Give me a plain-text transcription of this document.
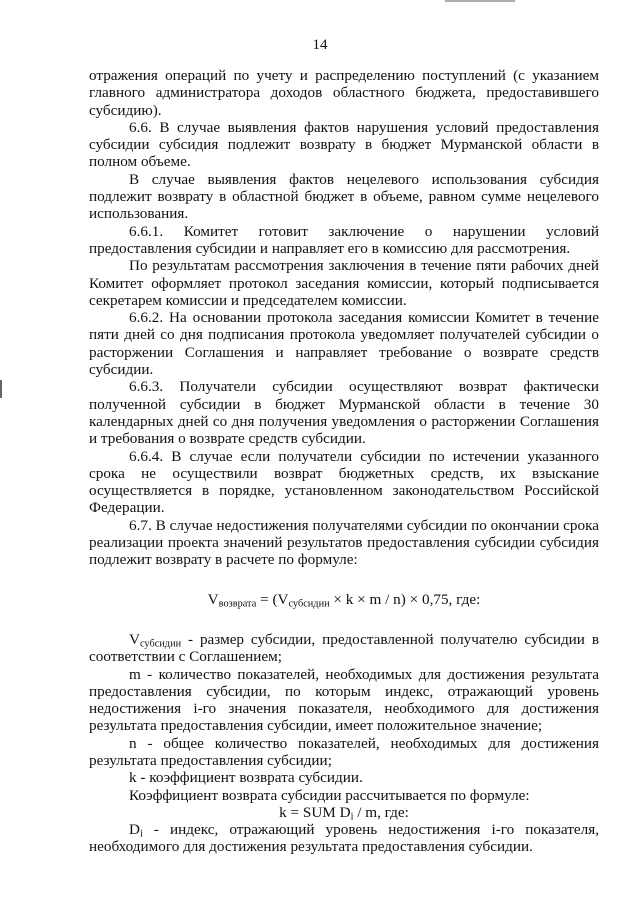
14

отражения операций по учету и распределению поступлений (с указанием главного администратора доходов областного бюджета, предоставившего субсидию).

6.6. В случае выявления фактов нарушения условий предоставления субсидии субсидия подлежит возврату в бюджет Мурманской области в полном объеме.

В случае выявления фактов нецелевого использования субсидия подлежит возврату в областной бюджет в объеме, равном сумме нецелевого использования.

6.6.1. Комитет готовит заключение о нарушении условий предоставления субсидии и направляет его в комиссию для рассмотрения.

По результатам рассмотрения заключения в течение пяти рабочих дней Комитет оформляет протокол заседания комиссии, который подписывается секретарем комиссии и председателем комиссии.

6.6.2. На основании протокола заседания комиссии Комитет в течение пяти дней со дня подписания протокола уведомляет получателей субсидии о расторжении Соглашения и направляет требование о возврате средств субсидии.

6.6.3. Получатели субсидии осуществляют возврат фактически полученной субсидии в бюджет Мурманской области в течение 30 календарных дней со дня получения уведомления о расторжении Соглашения и требования о возврате средств субсидии.

6.6.4. В случае если получатели субсидии по истечении указанного срока не осуществили возврат бюджетных средств, их взыскание осуществляется в порядке, установленном законодательством Российской Федерации.

6.7. В случае недостижения получателями субсидии по окончании срока реализации проекта значений результатов предоставления субсидии субсидия подлежит возврату в расчете по формуле:

$V_{возврата} = (V_{субсидии} \times k \times m / n) \times 0,75$, где:

$V_{субсидии}$ - размер субсидии, предоставленной получателю субсидии в соответствии с Соглашением;

m - количество показателей, необходимых для достижения результата предоставления субсидии, по которым индекс, отражающий уровень недостижения i-го значения показателя, необходимого для достижения результата предоставления субсидии, имеет положительное значение;

n - общее количество показателей, необходимых для достижения результата предоставления субсидии;

k - коэффициент возврата субсидии.

Коэффициент возврата субсидии рассчитывается по формуле:

k = SUM $D_i$ / m, где:

$D_i$ - индекс, отражающий уровень недостижения i-го показателя, необходимого для достижения результата предоставления субсидии.
